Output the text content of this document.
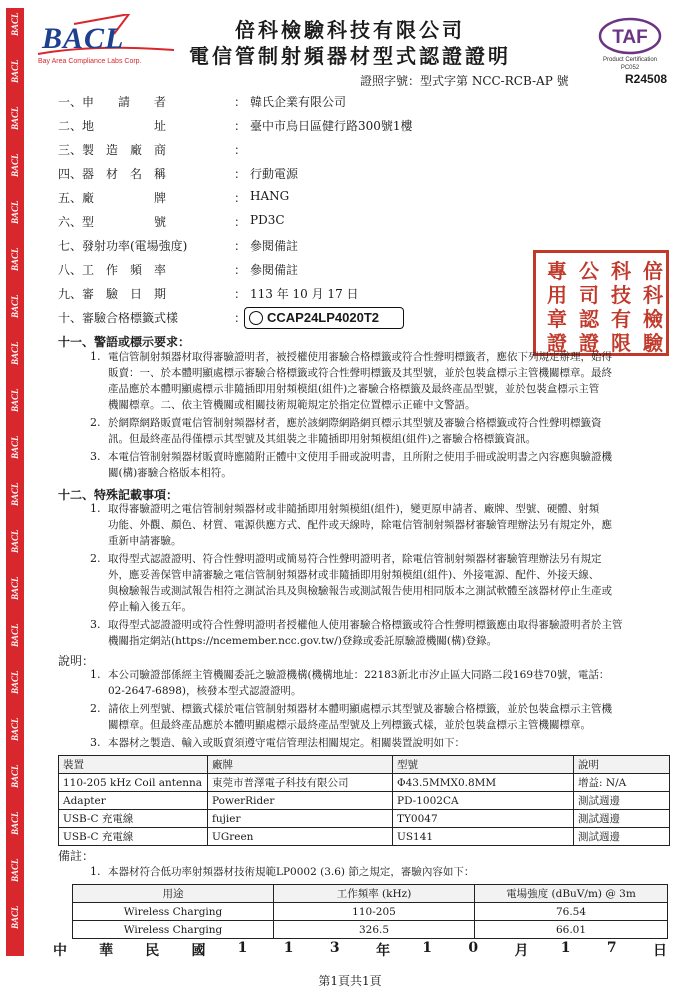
BACL
BACL
BACL
BACL
BACL
BACL
BACL
BACL
BACL
BACL
BACL
BACL
BACL
BACL
BACL
BACL
BACL
BACL
BACL
BACL
BACL
Bay Area Compliance Labs Corp.
倍科檢驗科技有限公司
電信管制射頻器材型式認證證明
TAF
Product Certification
PC052
證照字號：型式字第 NCC-RCB-AP 號	R24508
一、申　　請　　者	： 韓氏企業有限公司
二、地　　　　　址	： 臺中市烏日區健行路300號1樓
三、製　造　廠　商	：
四、器　材　名　稱	： 行動電源
五、廠　　　　　牌	： HANG
六、型　　　　　號	： PD3C
七、發射功率(電場強度)	： 參閱備註
八、工　作　頻　率	： 參閱備註
九、審　驗　日　期	： 113 年 10 月 17 日
十、審驗合格標籤式樣	： CCAP24LP4020T2
倍
科
檢
驗
科
技
有
限
公
司
認
證
專
用
章
證
十一、警語或標示要求：
1. 電信管制射頻器材取得審驗證明者，被授權使用審驗合格標籤或符合性聲明標籤者，應依下列規定辦理，始得
販賣：一、於本體明顯處標示審驗合格標籤或符合性聲明標籤及其型號，並於包裝盒標示主管機關標章。最終
產品應於本體明顯處標示非隨插即用射頻模組(組件)之審驗合格標籤及最終產品型號，並於包裝盒標示主管
機關標章。二、依主管機關或相關技術規範規定於指定位置標示正確中文警語。
2. 於網際網路販賣電信管制射頻器材者，應於該網際網路網頁標示其型號及審驗合格標籤或符合性聲明標籤資
訊。但最終產品得僅標示其型號及其組裝之非隨插即用射頻模組(組件)之審驗合格標籤資訊。
3. 本電信管制射頻器材販賣時應隨附正體中文使用手冊或說明書，且所附之使用手冊或說明書之內容應與驗證機
關(構)審驗合格版本相符。
十二、特殊記載事項：
1. 取得審驗證明之電信管制射頻器材或非隨插即用射頻模組(組件)，變更原申請者、廠牌、型號、硬體、射頻
功能、外觀、顏色、材質、電源供應方式、配件或天線時，除電信管制射頻器材審驗管理辦法另有規定外，應
重新申請審驗。
2. 取得型式認證證明、符合性聲明證明或簡易符合性聲明證明者，除電信管制射頻器材審驗管理辦法另有規定
外，應妥善保管申請審驗之電信管制射頻器材或非隨插即用射頻模組(組件)、外接電源、配件、外接天線、
與檢驗報告或測試報告相符之測試治具及與檢驗報告或測試報告使用相同版本之測試軟體至該器材停止生產或
停止輸入後五年。
3. 取得型式認證證明或符合性聲明證明者授權他人使用審驗合格標籤或符合性聲明標籤應由取得審驗證明者於主管
機關指定網站(https://ncemember.ncc.gov.tw/)登錄或委託原驗證機關(構)登錄。
說明：
1. 本公司驗證部係經主管機關委託之驗證機構(機構地址：22183新北市汐止區大同路二段169巷70號，電話：
02-2647-6898)，核發本型式認證證明。
2. 請依上列型號、標籤式樣於電信管制射頻器材本體明顯處標示其型號及審驗合格標籤，並於包裝盒標示主管機
關標章。但最終產品應於本體明顯處標示最終產品型號及上列標籤式樣，並於包裝盒標示主管機關標章。
3. 本器材之製造、輸入或販賣須遵守電信管理法相關規定。相關裝置說明如下：
裝置	廠牌	型號	說明
110-205 kHz Coil antenna	東莞市普澤電子科技有限公司	Φ43.5MMX0.8MM	增益: N/A
Adapter	PowerRider	PD-1002CA	測試週邊
USB-C 充電線	fujier	TY0047	測試週邊
USB-C 充電線	UGreen	US141	測試週邊
備註：
1. 本器材符合低功率射頻器材技術規範LP0002 (3.6) 節之規定，審驗內容如下：
用途	工作頻率 (kHz)	電場強度 (dBuV/m) @ 3m
Wireless Charging	110-205	76.54
Wireless Charging	326.5	66.01
中 華 民 國 1	1	3	年 1	0	月 1	7	日
第1頁共1頁
